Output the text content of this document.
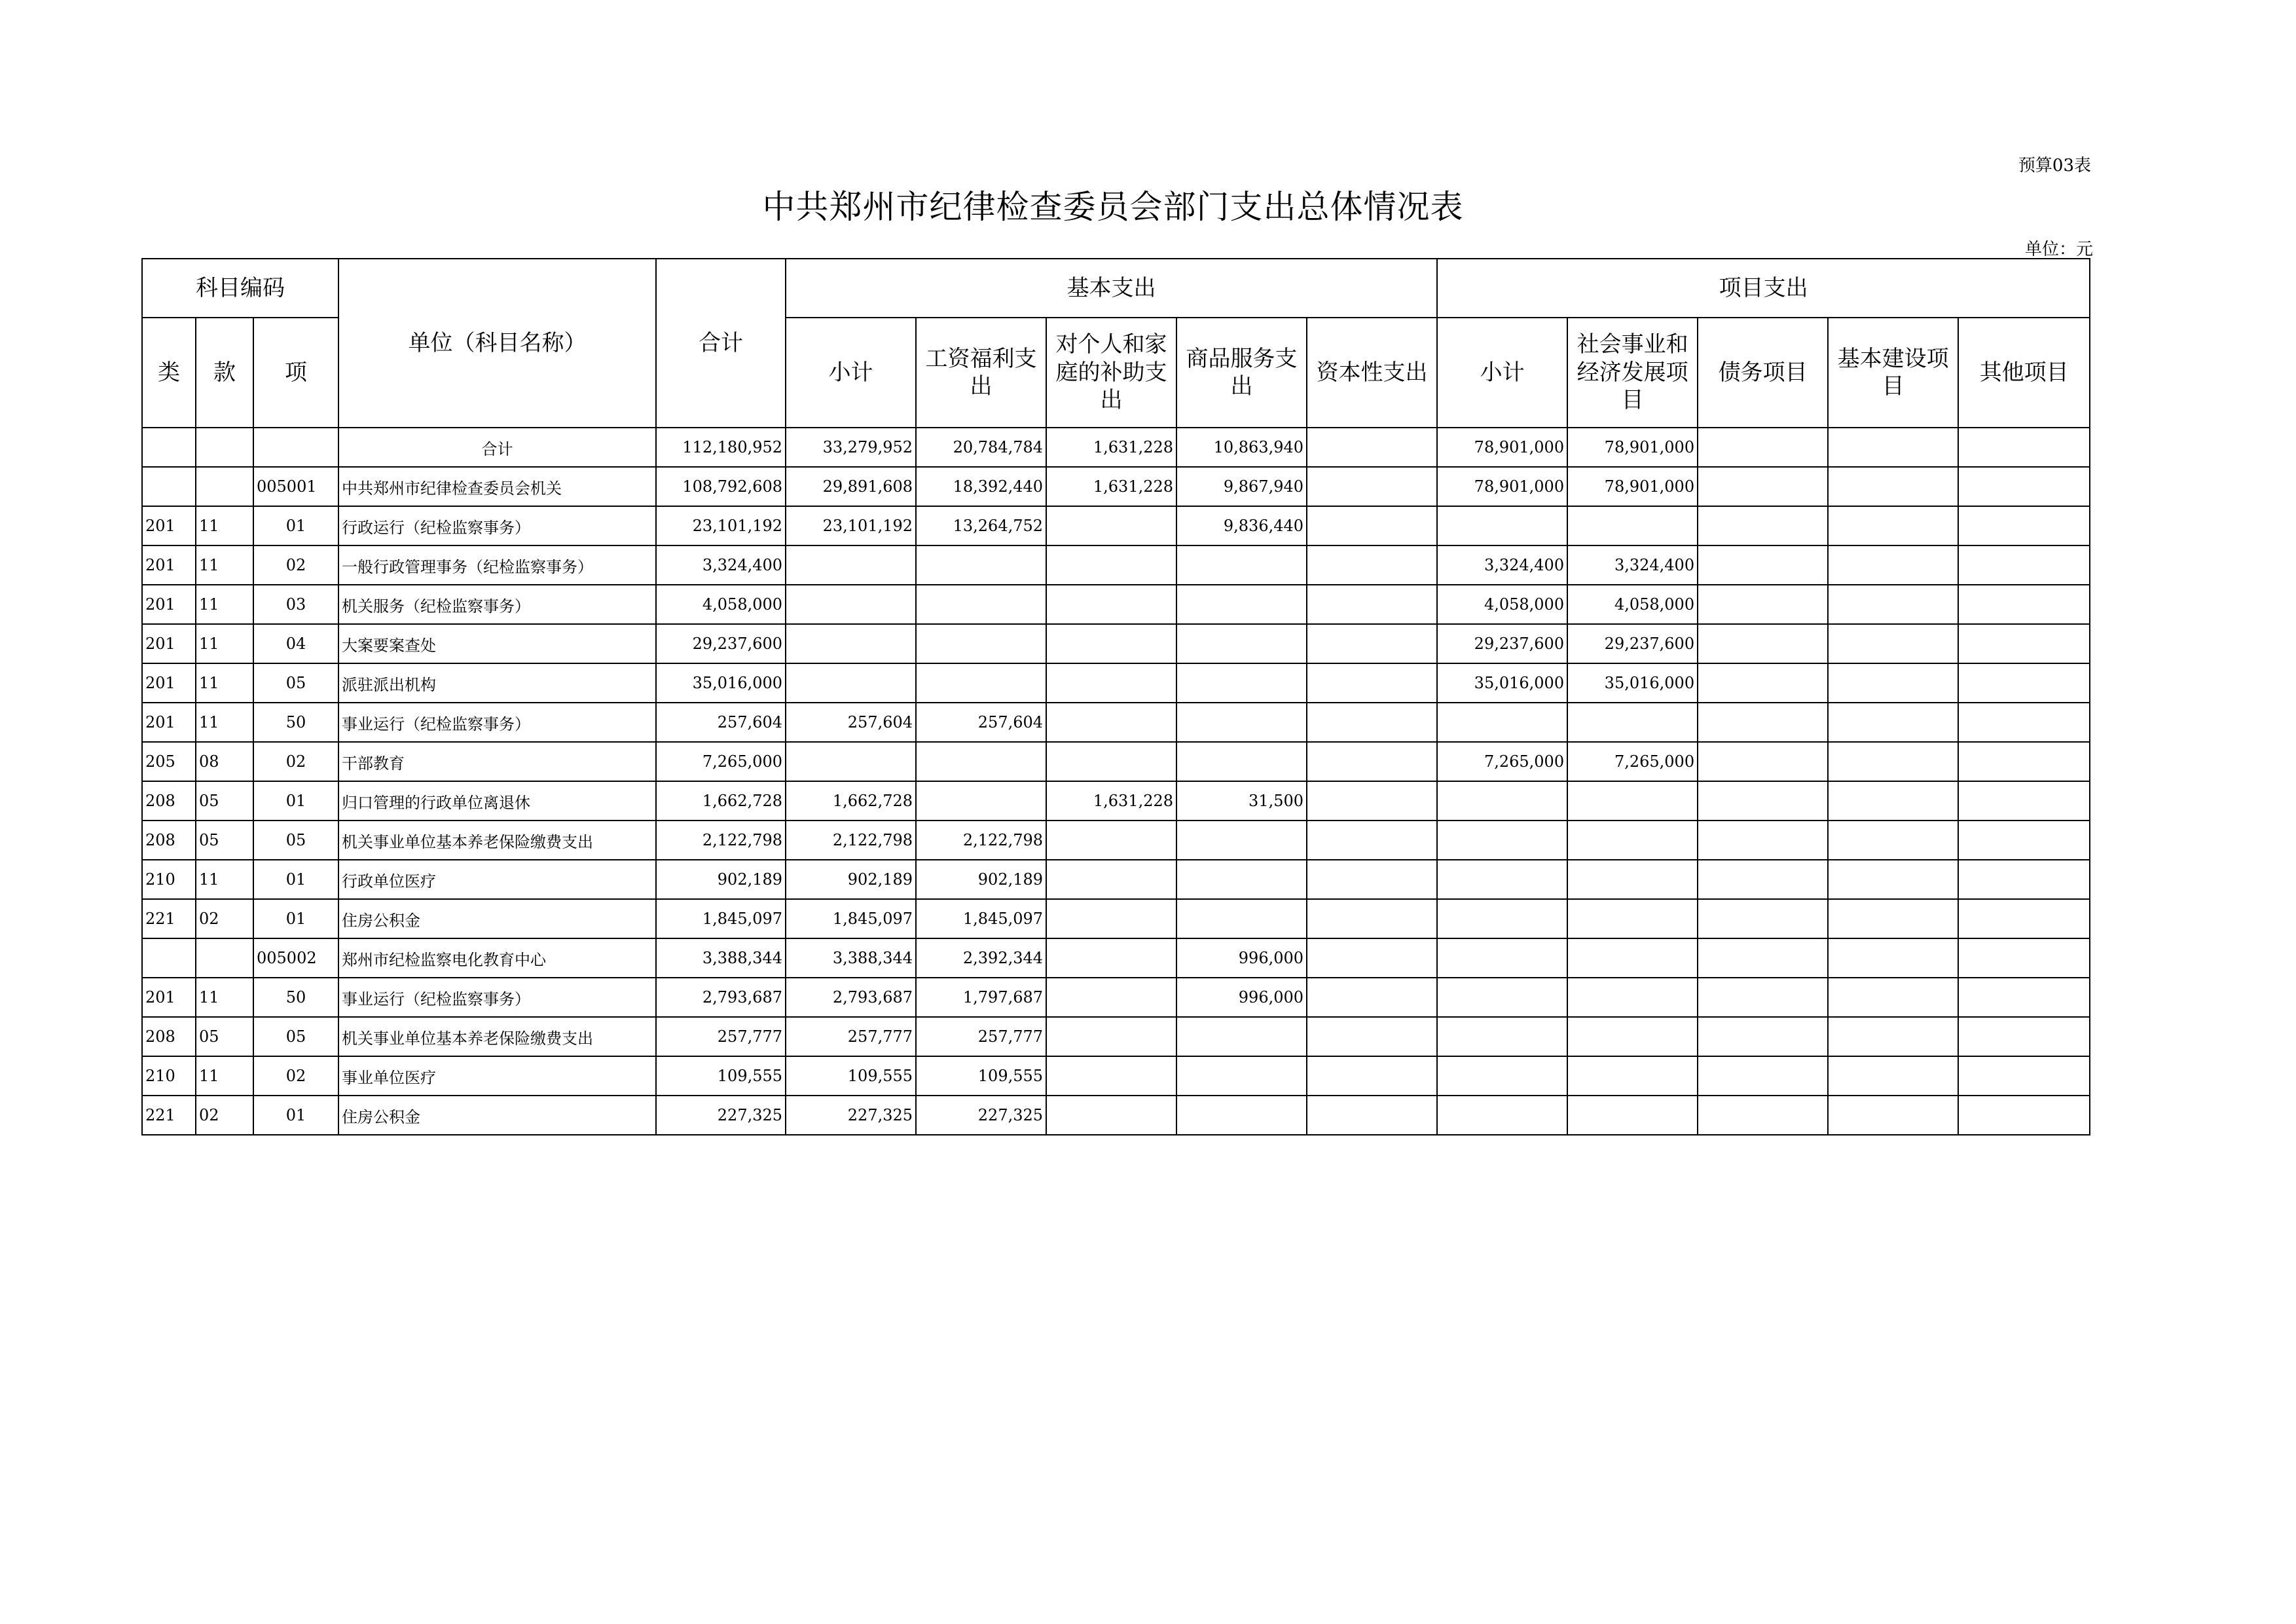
预算03表
中共郑州市纪律检查委员会部门支出总体情况表
单位：元
科目编码			单位（科目名称）	合计	基本支出					项目支出				
类	款	项			小计	工资福利支出	对个人和家庭的补助支出	商品服务支出	资本性支出	小计	社会事业和经济发展项目	债务项目	基本建设项目	其他项目
			合计	112,180,952	33,279,952	20,784,784	1,631,228	10,863,940		78,901,000	78,901,000			
		005001	中共郑州市纪律检查委员会机关	108,792,608	29,891,608	18,392,440	1,631,228	9,867,940		78,901,000	78,901,000			
201	11	01	行政运行（纪检监察事务）	23,101,192	23,101,192	13,264,752		9,836,440						
201	11	02	一般行政管理事务（纪检监察事务）	3,324,400						3,324,400	3,324,400			
201	11	03	机关服务（纪检监察事务）	4,058,000						4,058,000	4,058,000			
201	11	04	大案要案查处	29,237,600						29,237,600	29,237,600			
201	11	05	派驻派出机构	35,016,000						35,016,000	35,016,000			
201	11	50	事业运行（纪检监察事务）	257,604	257,604	257,604								
205	08	02	干部教育	7,265,000						7,265,000	7,265,000			
208	05	01	归口管理的行政单位离退休	1,662,728	1,662,728		1,631,228	31,500						
208	05	05	机关事业单位基本养老保险缴费支出	2,122,798	2,122,798	2,122,798								
210	11	01	行政单位医疗	902,189	902,189	902,189								
221	02	01	住房公积金	1,845,097	1,845,097	1,845,097								
		005002	郑州市纪检监察电化教育中心	3,388,344	3,388,344	2,392,344		996,000						
201	11	50	事业运行（纪检监察事务）	2,793,687	2,793,687	1,797,687		996,000						
208	05	05	机关事业单位基本养老保险缴费支出	257,777	257,777	257,777								
210	11	02	事业单位医疗	109,555	109,555	109,555								
221	02	01	住房公积金	227,325	227,325	227,325								
